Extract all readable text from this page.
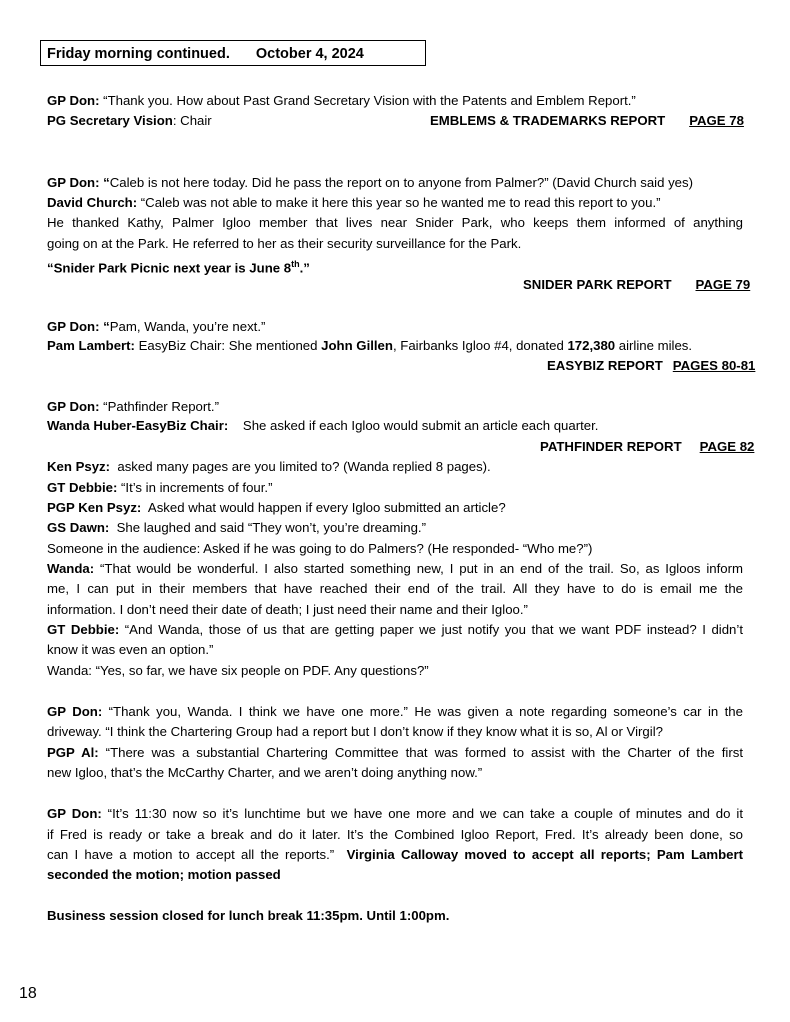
Friday morning continued. October 4, 2024
GP Don: “Thank you. How about Past Grand Secretary Vision with the Patents and Emblem Report.”
PG Secretary Vision: Chair	EMBLEMS & TRADEMARKS REPORT PAGE 78
GP Don: “Caleb is not here today. Did he pass the report on to anyone from Palmer?” (David Church said yes)
David Church: “Caleb was not able to make it here this year so he wanted me to read this report to you.”
He thanked Kathy, Palmer Igloo member that lives near Snider Park, who keeps them informed of anything
going on at the Park. He referred to her as their security surveillance for the Park.
“Snider Park Picnic next year is June 8th.”
SNIDER PARK REPORT PAGE 79
GP Don: “Pam, Wanda, you’re next.”
Pam Lambert: EasyBiz Chair: She mentioned John Gillen, Fairbanks Igloo #4, donated 172,380 airline miles.
EASYBIZ REPORT PAGES 80-81
GP Don: “Pathfinder Report.”
Wanda Huber-EasyBiz Chair:    She asked if each Igloo would submit an article each quarter.
PATHFINDER REPORT PAGE 82
Ken Psyz:  asked many pages are you limited to? (Wanda replied 8 pages).
GT Debbie: “It’s in increments of four.”
PGP Ken Psyz:  Asked what would happen if every Igloo submitted an article?
GS Dawn:  She laughed and said “They won’t, you’re dreaming.”
Someone in the audience: Asked if he was going to do Palmers? (He responded- “Who me?”)
Wanda: “That would be wonderful. I also started something new, I put in an end of the trail. So, as Igloos inform
me, I can put in their members that have reached their end of the trail. All they have to do is email me the
information. I don’t need their date of death; I just need their name and their Igloo.”
GT Debbie: “And Wanda, those of us that are getting paper we just notify you that we want PDF instead? I didn’t
know it was even an option.”
Wanda: “Yes, so far, we have six people on PDF. Any questions?”
GP Don: “Thank you, Wanda. I think we have one more.” He was given a note regarding someone’s car in the
driveway. “I think the Chartering Group had a report but I don’t know if they know what it is so, Al or Virgil?
PGP Al: “There was a substantial Chartering Committee that was formed to assist with the Charter of the first
new Igloo, that’s the McCarthy Charter, and we aren’t doing anything now.”
GP Don: “It’s 11:30 now so it’s lunchtime but we have one more and we can take a couple of minutes and do it
if Fred is ready or take a break and do it later. It’s the Combined Igloo Report, Fred. It’s already been done, so
can I have a motion to accept all the reports.”  Virginia Calloway moved to accept all reports; Pam Lambert
seconded the motion; motion passed
Business session closed for lunch break 11:35pm. Until 1:00pm.
18
